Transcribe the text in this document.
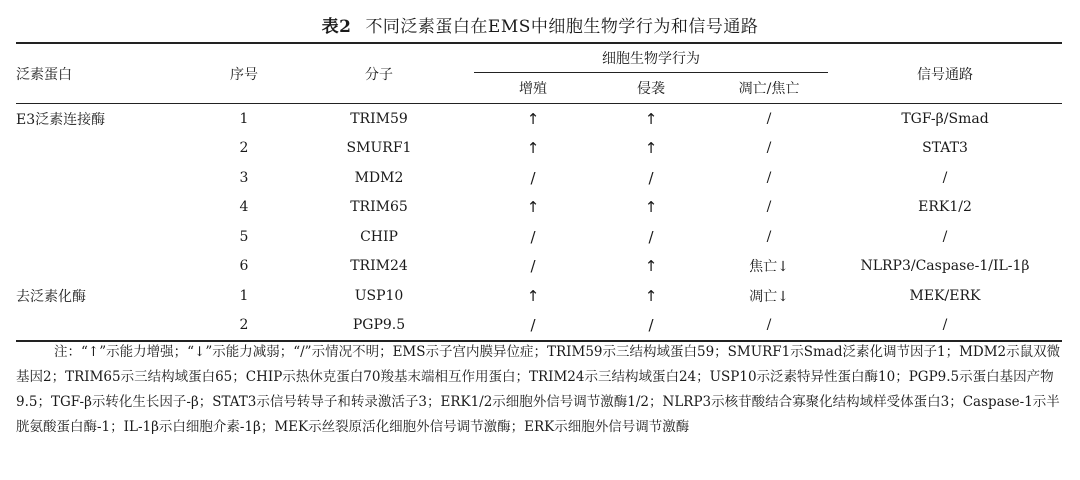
表2 不同泛素蛋白在EMS中细胞生物学行为和信号通路
泛素蛋白	序号	分子	细胞生物学行为			信号通路
			增殖	侵袭	凋亡/焦亡	
E3泛素连接酶	1	TRIM59	↑	↑	/	TGF-β/Smad
	2	SMURF1	↑	↑	/	STAT3
	3	MDM2	/	/	/	/
	4	TRIM65	↑	↑	/	ERK1/2
	5	CHIP	/	/	/	/
	6	TRIM24	/	↑	焦亡↓	NLRP3/Caspase-1/IL-1β
去泛素化酶	1	USP10	↑	↑	凋亡↓	MEK/ERK
	2	PGP9.5	/	/	/	/
注：“↑”示能力增强；“↓”示能力减弱；“/”示情况不明；EMS示子宫内膜异位症；TRIM59示三结构域蛋白59；SMURF1示Smad泛素化调节因子1；MDM2示鼠双微基因2；TRIM65示三结构域蛋白65；CHIP示热休克蛋白70羧基末端相互作用蛋白；TRIM24示三结构域蛋白24；USP10示泛素特异性蛋白酶10；PGP9.5示蛋白基因产物9.5；TGF-β示转化生长因子-β；STAT3示信号转导子和转录激活子3；ERK1/2示细胞外信号调节激酶1/2；NLRP3示核苷酸结合寡聚化结构域样受体蛋白3；Caspase-1示半胱氨酸蛋白酶-1；IL-1β示白细胞介素-1β；MEK示丝裂原活化细胞外信号调节激酶；ERK示细胞外信号调节激酶
